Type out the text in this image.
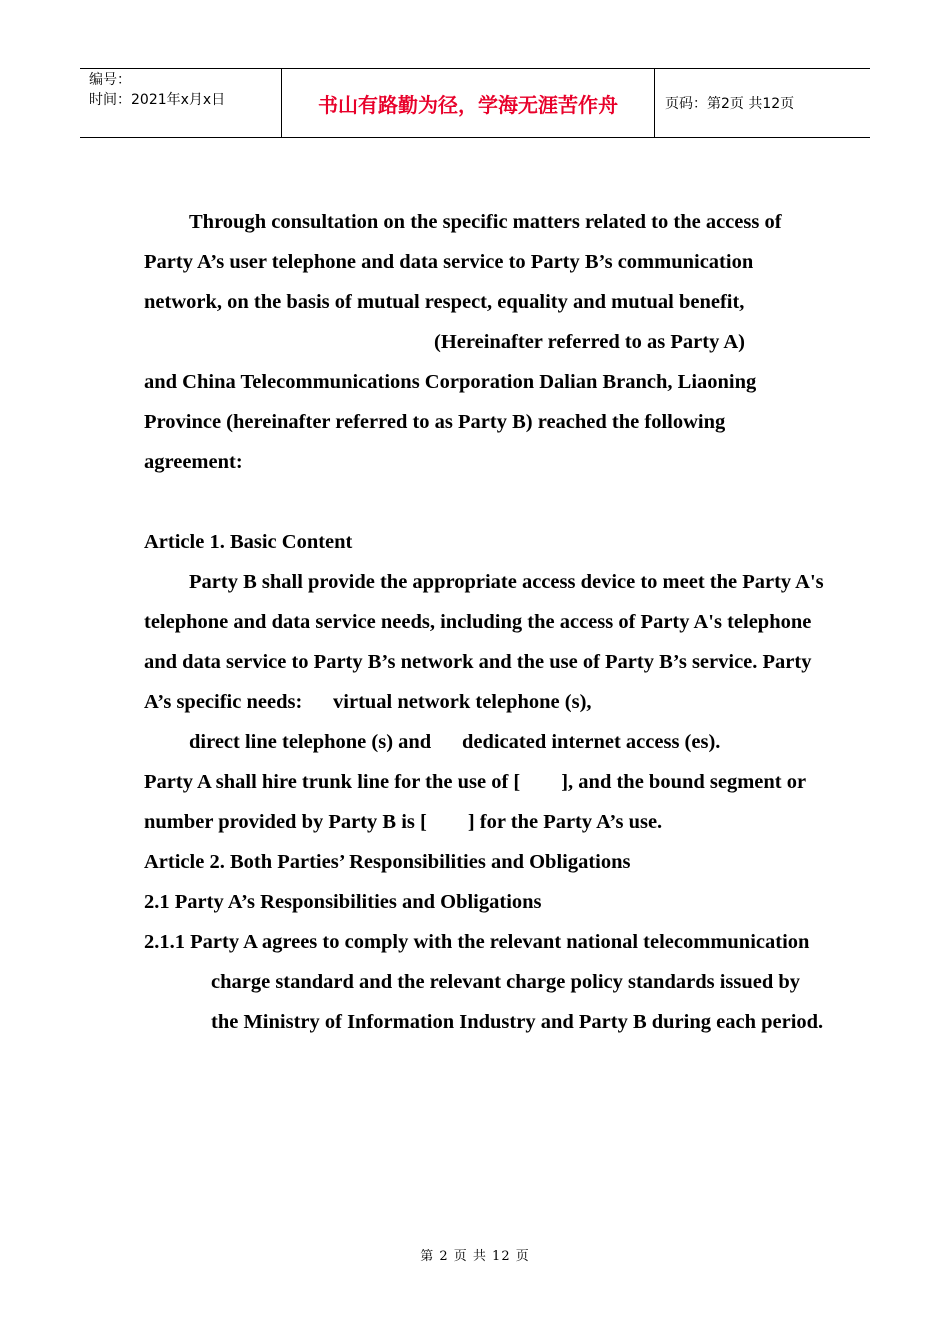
编号：
时间：2021年x月x日	书山有路勤为径，学海无涯苦作舟	页码：第2页 共12页

Through consultation on the specific matters related to the access of Party A’s user telephone and data service to Party B’s communication network, on the basis of mutual respect, equality and mutual benefit,

(Hereinafter referred to as Party A)

and China Telecommunications Corporation Dalian Branch, Liaoning Province (hereinafter referred to as Party B) reached the following agreement:

Article 1. Basic Content

Party B shall provide the appropriate access device to meet the Party A's telephone and data service needs, including the access of Party A's telephone and data service to Party B’s network and the use of Party B’s service. Party A’s specific needs:      virtual network telephone (s),

direct line telephone (s) and      dedicated internet access (es).

Party A shall hire trunk line for the use of [        ], and the bound segment or number provided by Party B is [        ] for the Party A’s use.

Article 2. Both Parties’ Responsibilities and Obligations

2.1 Party A’s Responsibilities and Obligations

2.1.1 Party A agrees to comply with the relevant national telecommunication charge standard and the relevant charge policy standards issued by the Ministry of Information Industry and Party B during each period.

第 2 页 共 12 页
